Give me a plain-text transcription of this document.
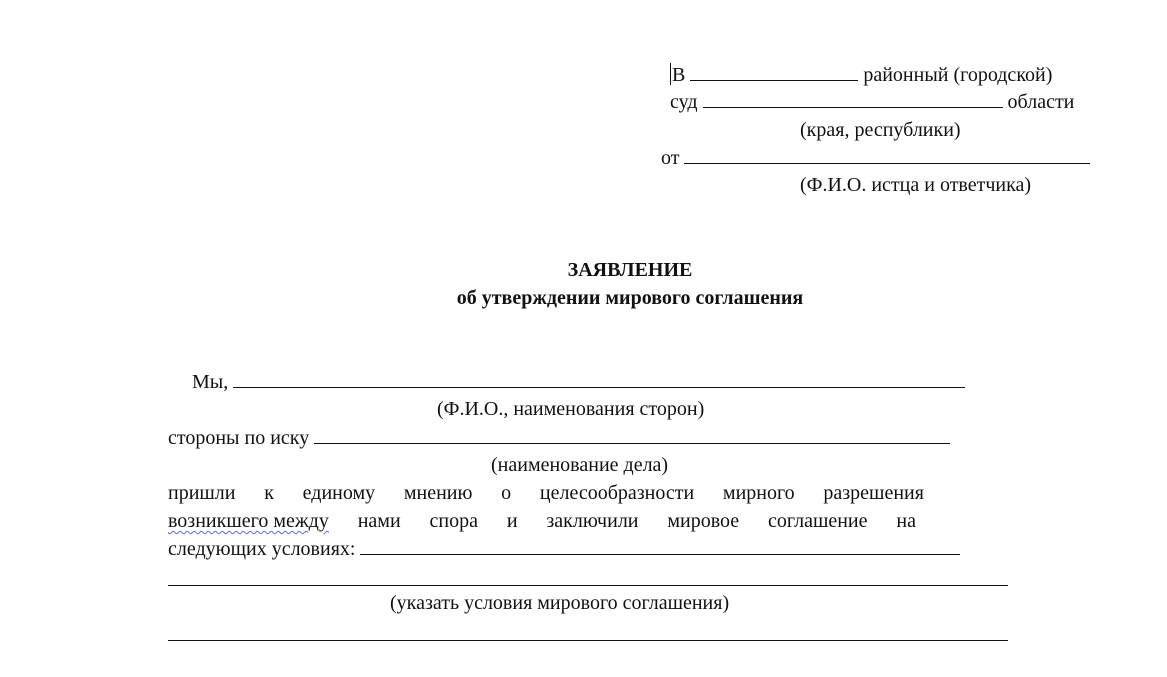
В	районный (городской)
суд	области
(края, республики)
от
(Ф.И.О. истца и ответчика)
ЗАЯВЛЕНИЕ
об утверждении мирового соглашения
Мы,
(Ф.И.О., наименования сторон)
стороны по иску
(наименование дела)
пришли к единому мнению о целесообразности мирного разрешения
возникшего между нами спора и заключили мировое соглашение на
следующих условиях:
(указать условия мирового соглашения)
